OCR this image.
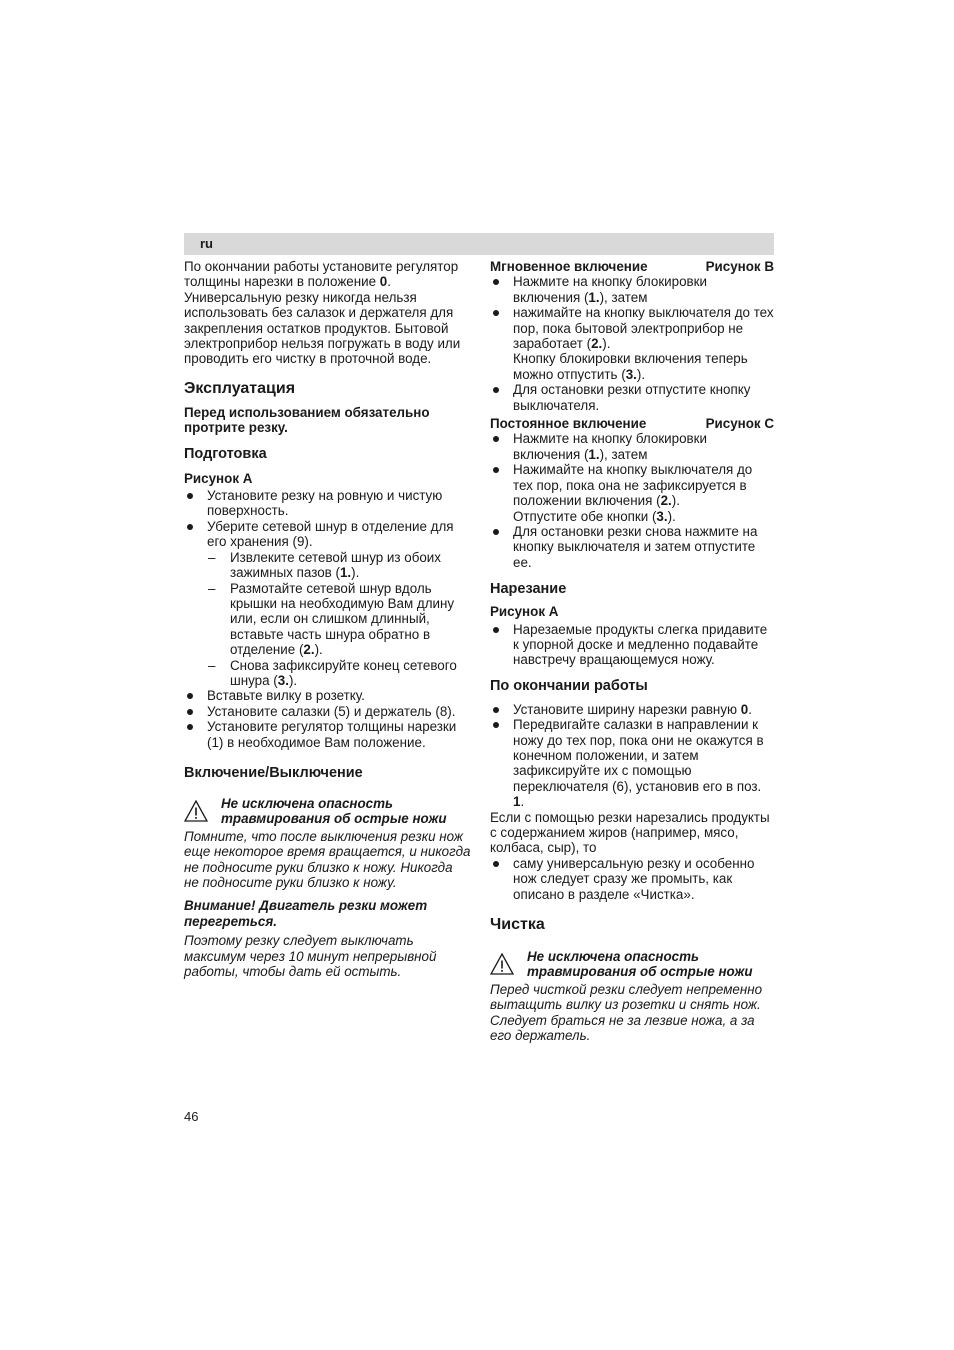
ru

По окончании работы установите регулятор толщины нарезки в положение 0.

Универсальную резку никогда нельзя использовать без салазок и держателя для закрепления остатков продуктов. Бытовой электроприбор нельзя погружать в воду или проводить его чистку в проточной воде.

Эксплуатация

Перед использованием обязательно протрите резку.

Подготовка

Рисунок A

Установите резку на ровную и чистую поверхность.
Уберите сетевой шнур в отделение для его хранения (9).
– Извлеките сетевой шнур из обоих зажимных пазов (1.).
– Размотайте сетевой шнур вдоль крышки на необходимую Вам длину или, если он слишком длинный, вставьте часть шнура обратно в отделение (2.).
– Снова зафиксируйте конец сетевого шнура (3.).
Вставьте вилку в розетку.
Установите салазки (5) и держатель (8).
Установите регулятор толщины нарезки (1) в необходимое Вам положение.
Включение/Выключение

Не исключена опасность травмирования об острые ножи

Помните, что после выключения резки нож еще некоторое время вращается, и никогда не подносите руки близко к ножу. Никогда не подносите руки близко к ножу.

Внимание! Двигатель резки может перегреться.

Поэтому резку следует выключать максимум через 10 минут непрерывной работы, чтобы дать ей остыть.

Мгновенное включение	Рисунок B

Нажмите на кнопку блокировки включения (1.), затем
нажимайте на кнопку выключателя до тех пор, пока бытовой электроприбор не заработает (2.).
Кнопку блокировки включения теперь можно отпустить (3.).
Для остановки резки отпустите кнопку выключателя.

Постоянное включение	Рисунок C

Нажмите на кнопку блокировки включения (1.), затем
Нажимайте на кнопку выключателя до тех пор, пока она не зафиксируется в положении включения (2.).
Отпустите обе кнопки (3.).
Для остановки резки снова нажмите на кнопку выключателя и затем отпустите ее.
Нарезание

Рисунок A

Нарезаемые продукты слегка придавите к упорной доске и медленно подавайте навстречу вращающемуся ножу.
По окончании работы
Установите ширину нарезки равную 0.
Передвигайте салазки в направлении к ножу до тех пор, пока они не окажутся в конечном положении, и затем зафиксируйте их с помощью переключателя (6), установив его в поз. 1.

Если с помощью резки нарезались продукты с содержанием жиров (например, мясо, колбаса, сыр), то

саму универсальную резку и особенно нож следует сразу же промыть, как описано в разделе «Чистка».
Чистка

Не исключена опасность травмирования об острые ножи

Перед чисткой резки следует непременно вытащить вилку из розетки и снять нож. Следует браться не за лезвие ножа, а за его держатель.

46
